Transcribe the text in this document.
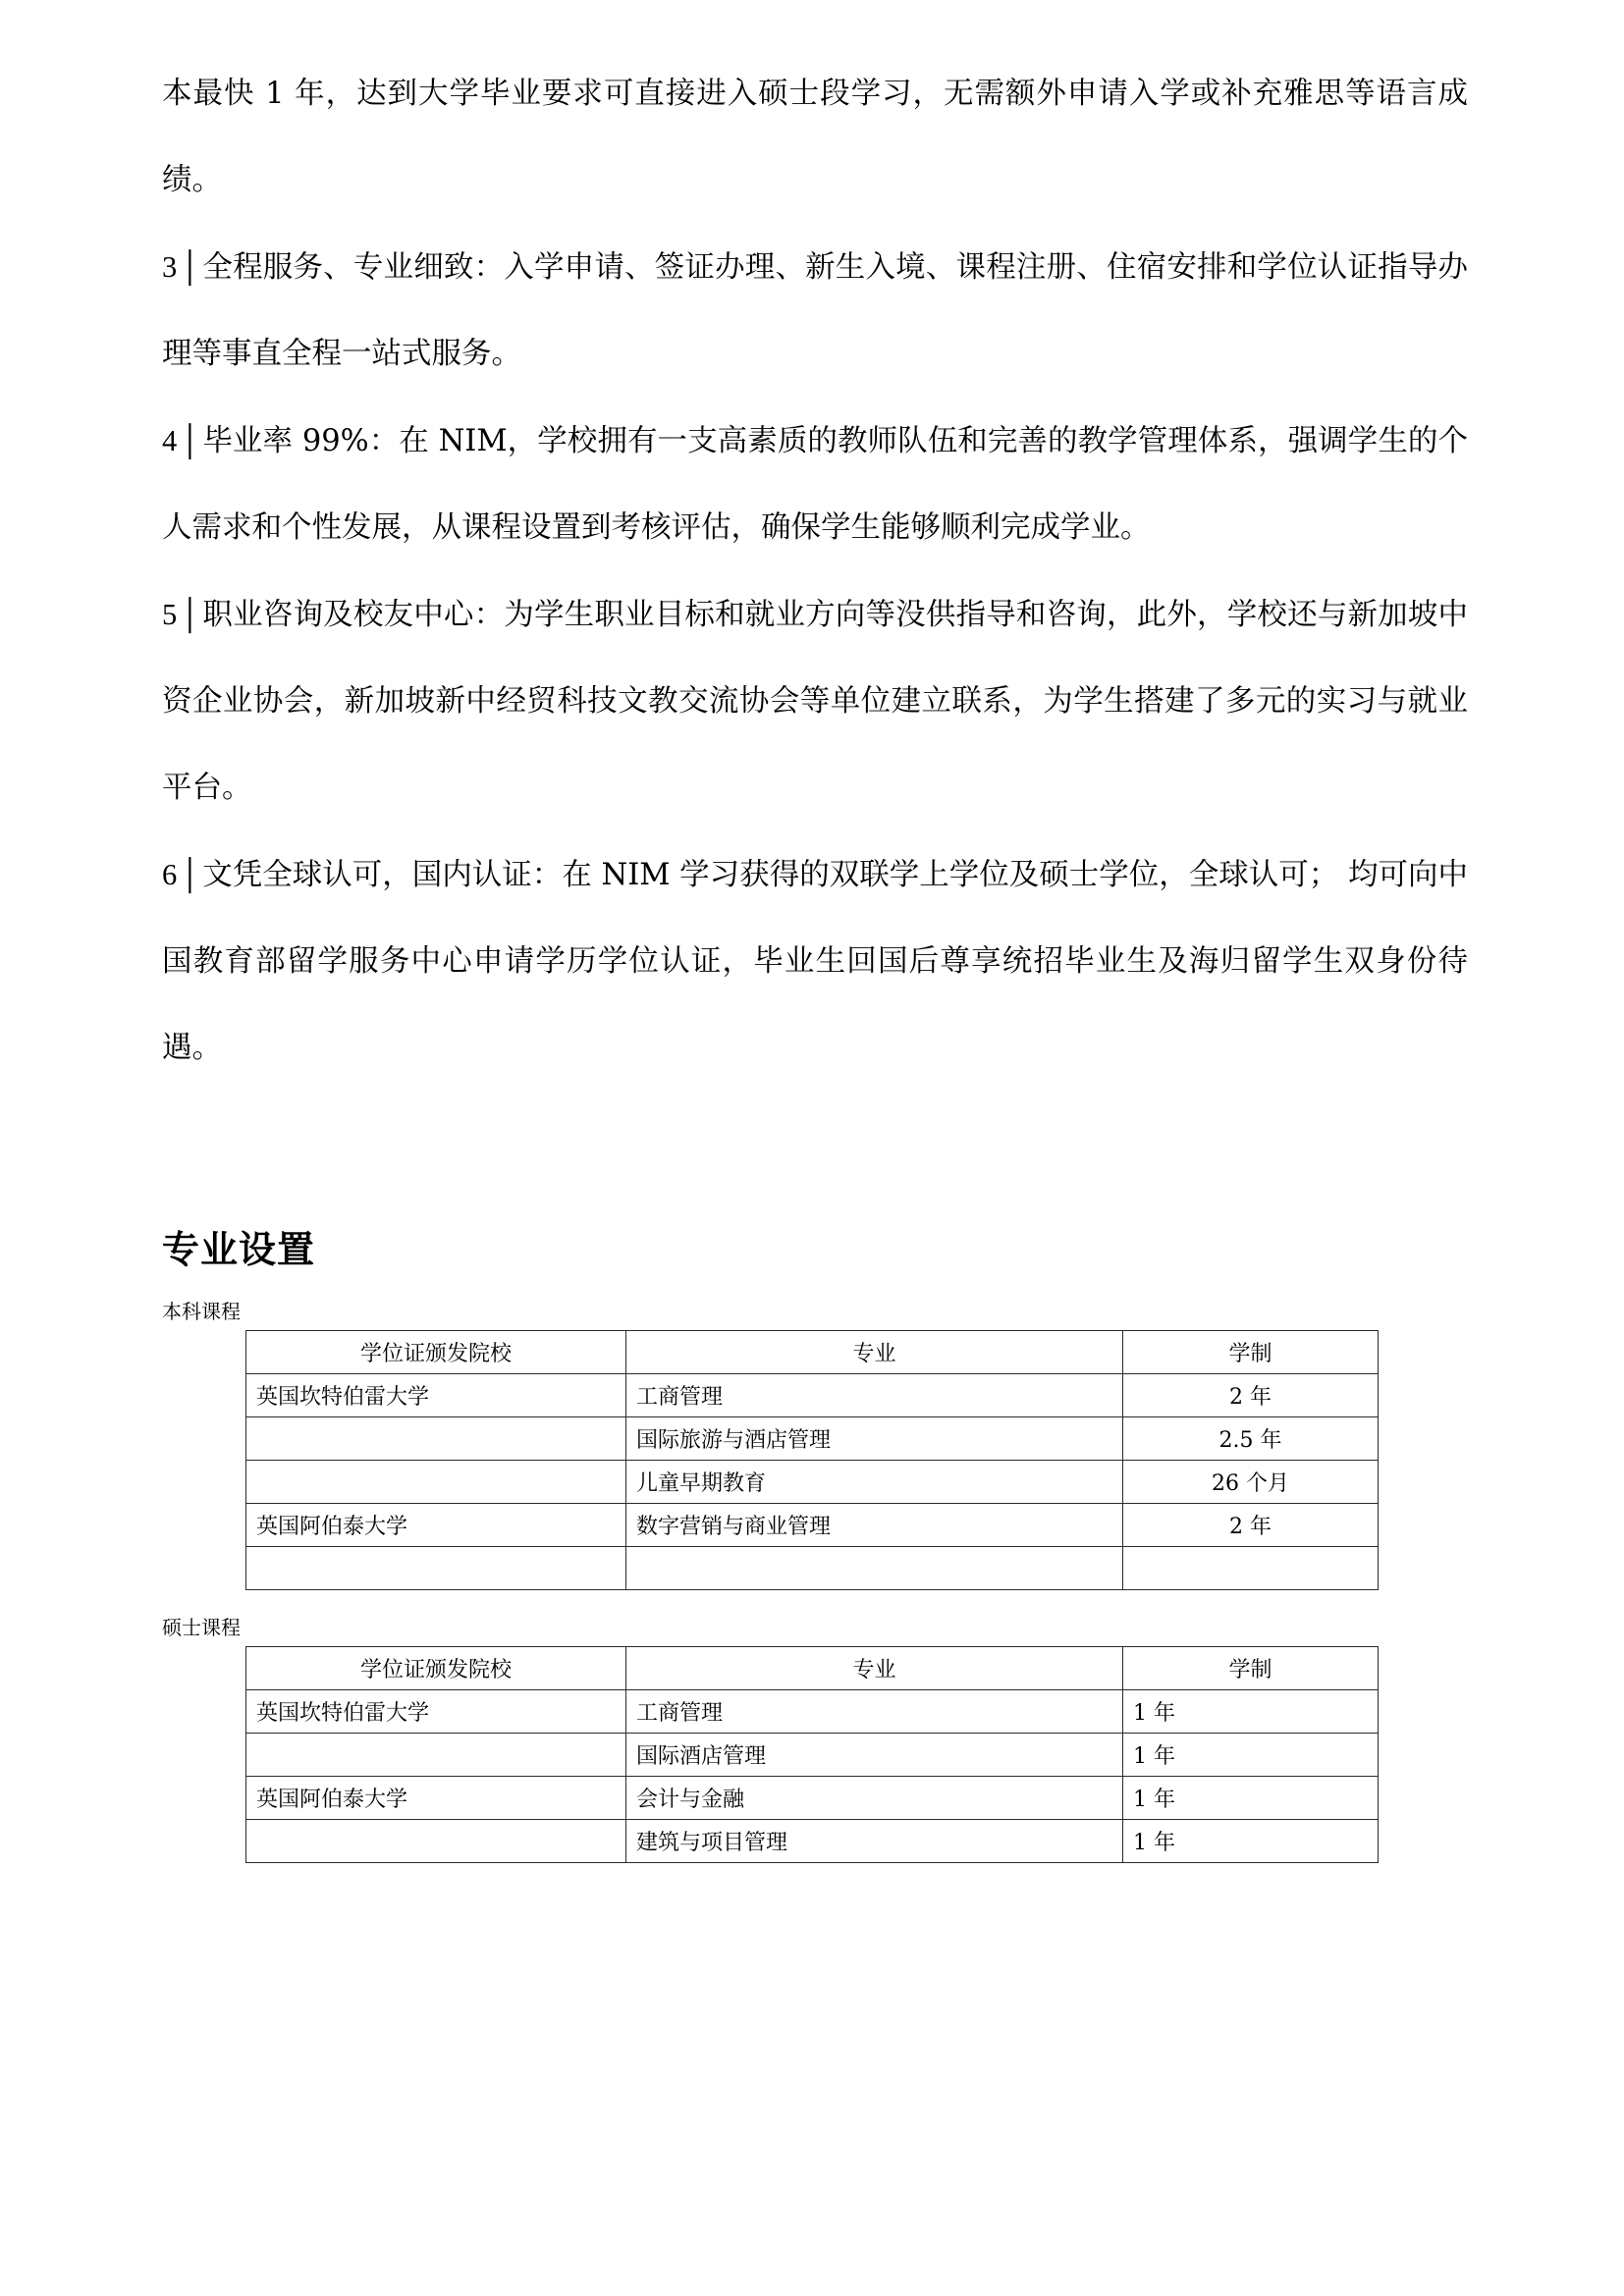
本最快 1 年，达到大学毕业要求可直接进入硕士段学习，无需额外申请入学或补充雅思等语言成绩。

3│全程服务、专业细致：入学申请、签证办理、新生入境、课程注册、住宿安排和学位认证指导办理等事直全程一站式服务。

4│毕业率 99%：在 NIM，学校拥有一支高素质的教师队伍和完善的教学管理体系，强调学生的个人需求和个性发展，从课程设置到考核评估，确保学生能够顺利完成学业。

5│职业咨询及校友中心：为学生职业目标和就业方向等没供指导和咨询，此外，学校还与新加坡中资企业协会，新加坡新中经贸科技文教交流协会等单位建立联系，为学生搭建了多元的实习与就业平台。

6│文凭全球认可，国内认证：在 NIM 学习获得的双联学上学位及硕士学位，全球认可； 均可向中国教育部留学服务中心申请学历学位认证，毕业生回国后尊享统招毕业生及海归留学生双身份待遇。

专业设置
本科课程
学位证颁发院校	专业	学制
英国坎特伯雷大学	工商管理	2 年
	国际旅游与酒店管理	2.5 年
	儿童早期教育	26 个月
英国阿伯泰大学	数字营销与商业管理	2 年

硕士课程
学位证颁发院校	专业	学制
英国坎特伯雷大学	工商管理	1 年
	国际酒店管理	1 年
英国阿伯泰大学	会计与金融	1 年
	建筑与项目管理	1 年
